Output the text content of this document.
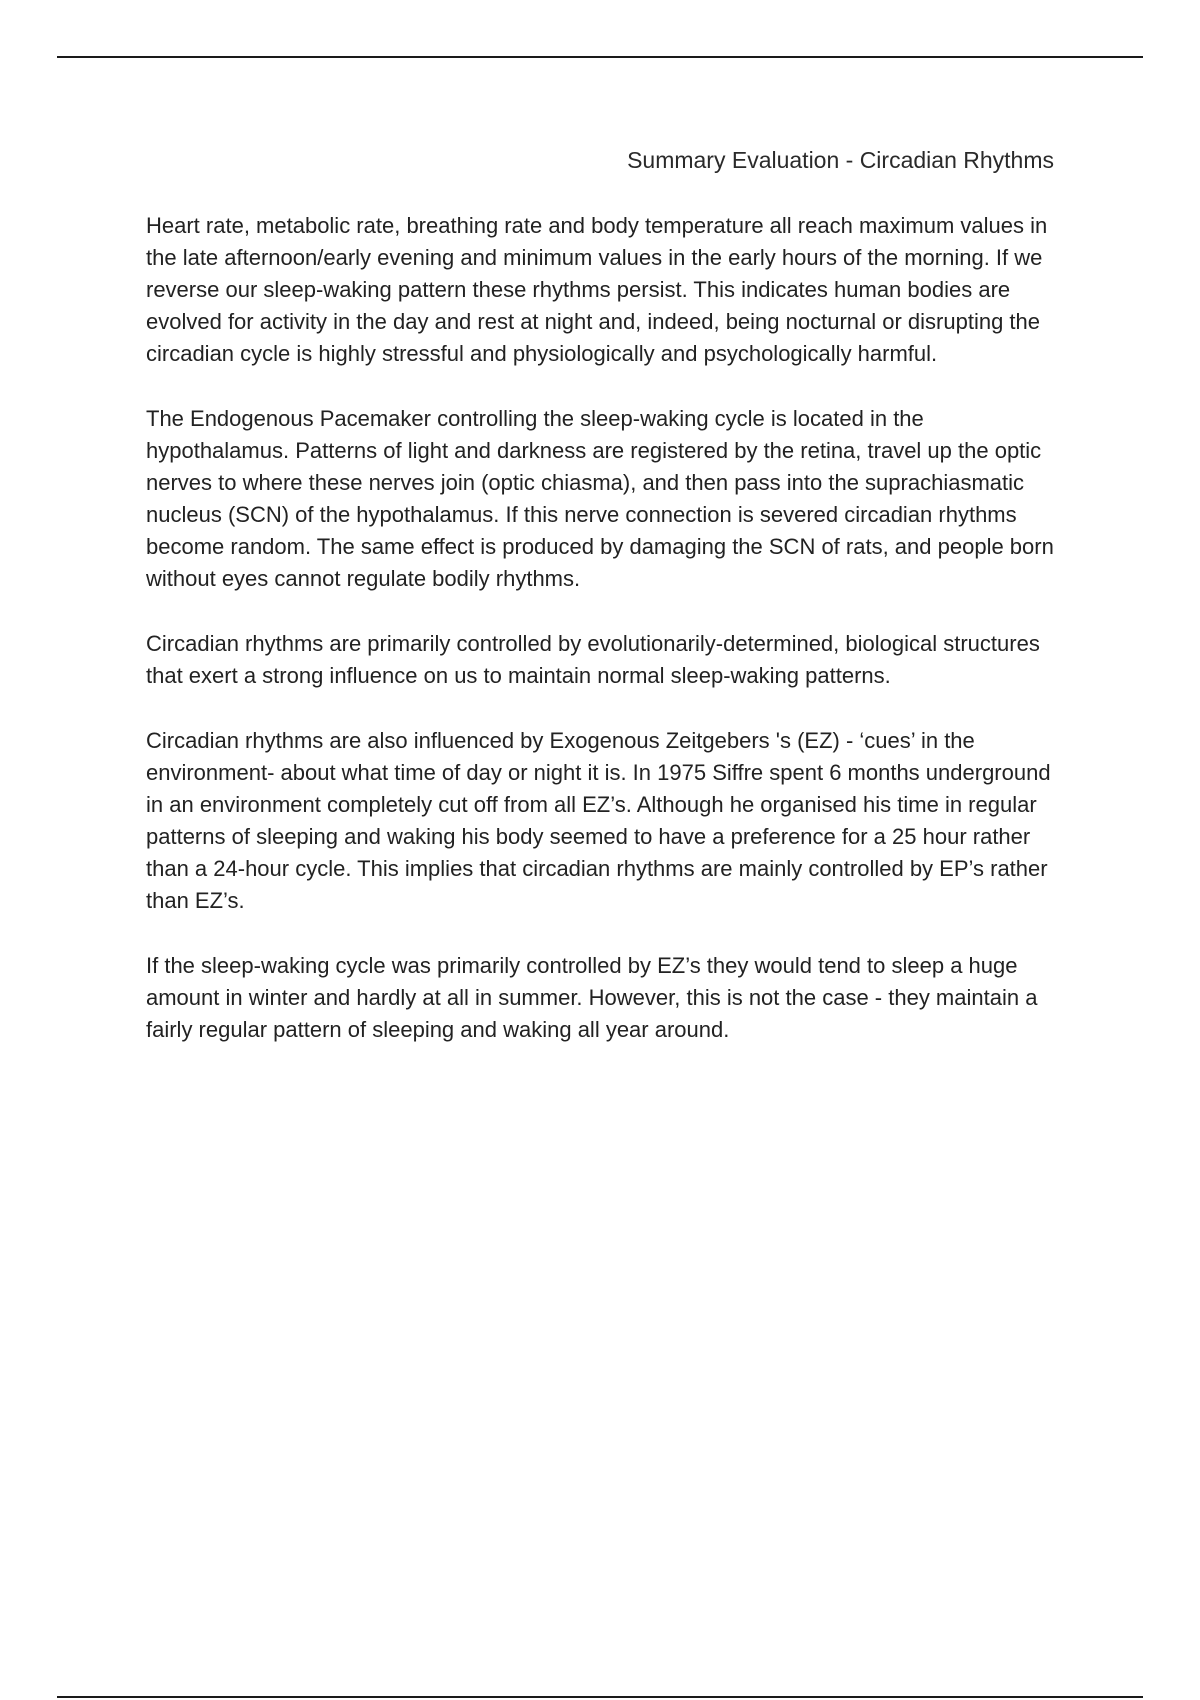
Summary Evaluation - Circadian Rhythms

Heart rate, metabolic rate, breathing rate and body temperature all reach maximum values in the late afternoon/early evening and minimum values in the early hours of the morning. If we reverse our sleep-waking pattern these rhythms persist. This indicates human bodies are evolved for activity in the day and rest at night and, indeed, being nocturnal or disrupting the circadian cycle is highly stressful and physiologically and psychologically harmful.

The Endogenous Pacemaker controlling the sleep-waking cycle is located in the hypothalamus. Patterns of light and darkness are registered by the retina, travel up the optic nerves to where these nerves join (optic chiasma), and then pass into the suprachiasmatic nucleus (SCN) of the hypothalamus. If this nerve connection is severed circadian rhythms become random. The same effect is produced by damaging the SCN of rats, and people born without eyes cannot regulate bodily rhythms.

Circadian rhythms are primarily controlled by evolutionarily-determined, biological structures that exert a strong influence on us to maintain normal sleep-waking patterns.

Circadian rhythms are also influenced by Exogenous Zeitgebers 's (EZ) - ‘cues’ in the environment- about what time of day or night it is. In 1975 Siffre spent 6 months underground in an environment completely cut off from all EZ’s. Although he organised his time in regular patterns of sleeping and waking his body seemed to have a preference for a 25 hour rather than a 24-hour cycle. This implies that circadian rhythms are mainly controlled by EP’s rather than EZ’s.

If the sleep-waking cycle was primarily controlled by EZ’s they would tend to sleep a huge amount in winter and hardly at all in summer. However, this is not the case - they maintain a fairly regular pattern of sleeping and waking all year around.
